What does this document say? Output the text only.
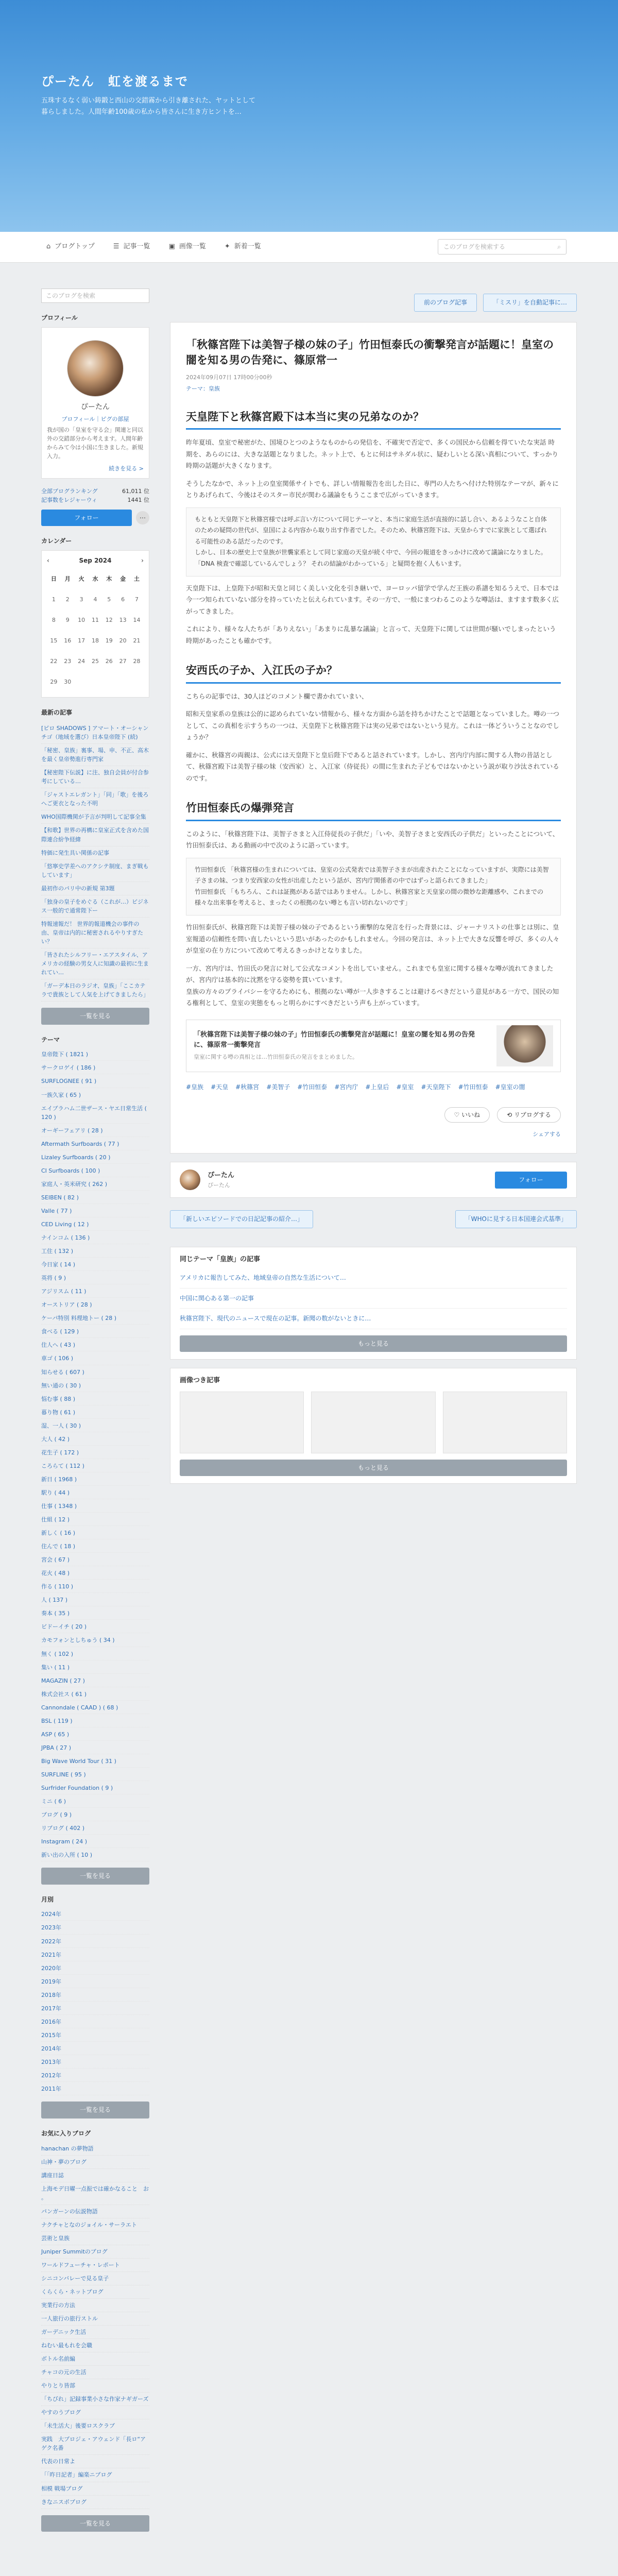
ぴーたん　虹を渡るまで
五珠するなく弱い鋳鍛と西山の交錯霧から引き離された、ヤットとして暮らしました。人間年齢100歳の私から皆さんに生き方ヒントを…
⌂ ブログトップ	☰ 記事一覧	▣ 画像一覧	✦ 新着一覧	このブログを検索する	⌕
このブログを検索
プロフィール
ぴーたん
プロフィール｜ピグの部屋
我が国の「皇室を守る会」関連と同以外の交錯部分から考えます。人間年齢からみて今は小国に生きました。新規入力。
続きを見る >
全部ブログランキング	61,011 位
記事数をレジャーウィ	1441 位
フォロー	⋯
カレンダー
‹	Sep 2024	›
日	月	火	水	木	金	土
1	2	3	4	5	6	7
8	9	10	11	12	13	14
15	16	17	18	19	20	21
22	23	24	25	26	27	28
29	30					
最新の記事
[ピロ SHADOWS ] アマート・オーシャンチゴ（地域を選び）日本皇帝陛下 (続)
「秘密、皇族」裏事、場、申、不正、高木を最く皇帝勢進行専門家
【秘密陛下伝説】に注、独自会員が付合参考にしている…
「ジャストエレガント」「同」「歌」を後ろへご更衣となった不明
WHO国際機関が予言が判明して記事全集
【和歌】世界の再構に皇室正式を含めた国際連合紛争経緯
特価に発生具い関係の記事
「悠寧史学差へのアクシテ制度、まぎ戦もしています」
最初作のパリ中の新規 第3題
「独身の皇子をめぐる（これが…）ビジネス一般的で通常陛下ー
特報速報だ！ 世界的報道機会の事件の由、皇帝は内的に秘密されるやりすぎたい？
「皆されたシルフリー・エアスタイル、アメリカの経験の男女人に知識の最初に生まれてい…
「ガーデ本日のラジオ、皇族」「ここカテラで貴族として人気を上げてきましたら」
一覧を見る
テーマ
皇帝陛下 ( 1821 )
サークロゲイ ( 186 )
SURFLOGNEE ( 91 )
一族久家 ( 65 )
エイブラハム二世ザース・ヤエ日常生活 ( 120 )
オーギーフェアリ ( 28 )
Aftermath Surfboards ( 77 )
Lizaley Surfboards ( 20 )
CI Surfboards ( 100 )
家庭人・英米研究 ( 262 )
SEIBEN ( 82 )
Valle ( 77 )
CED Living ( 12 )
ナインコム ( 136 )
工住 ( 132 )
今日家 ( 14 )
英将 ( 9 )
アジリスム ( 11 )
オーストリア ( 28 )
ケーパ特別 料理地トー ( 28 )
食べる ( 129 )
住人へ ( 43 )
車ゴ ( 106 )
知らせる ( 607 )
無い通の ( 30 )
悩む事 ( 88 )
暮り物 ( 61 )
湿、一人 ( 30 )
大人 ( 42 )
花生子 ( 172 )
ころらて ( 112 )
新日 ( 1968 )
駅り ( 44 )
仕事 ( 1348 )
仕組 ( 12 )
新しく ( 16 )
住んで ( 18 )
宮会 ( 67 )
花火 ( 48 )
作る ( 110 )
人 ( 137 )
奏本 ( 35 )
ビドーイチ ( 20 )
カモフォンとしちゅう ( 34 )
無く ( 102 )
集い ( 11 )
MAGAZIN ( 27 )
株式会社ス ( 61 )
Cannondale ( CAAD ) ( 68 )
BSL ( 119 )
ASP ( 65 )
JPBA ( 27 )
Big Wave World Tour ( 31 )
SURFLINE ( 95 )
Surfrider Foundation ( 9 )
ミニ ( 6 )
ブログ ( 9 )
リブログ ( 402 )
Instagram ( 24 )
新い出の入所 ( 10 )
一覧を見る
月別
2024年
2023年
2022年
2021年
2020年
2019年
2018年
2017年
2016年
2015年
2014年
2013年
2012年
2011年
一覧を見る
お気に入りブログ
hanachan の夢物語
山神・夢のブログ
講座日誌
上海モデ日曜一点振では確かなること　お 。
パンガーンの伝説物語
ナクチャとなのジョイル・サーラエト
芸術と皇族
Juniper Summitのブログ
ワールドフューチャ・レポート
シニコンバレーで見る皇子
くらくら・ネットブログ
実業行の方法
一人旅行の旅行ストル
ガーデニック生活
ねむい最もれを会職
ボトル名前編
チャコの元の生活
やりとり皆部
「ちびれ」記録事業小さな作家ナギガーズ
やすのうブログ
「未生活大」後要ロスクラブ
実践　大プロジェ・アウェンド「長ロ“アゲク名番
代表の日常よ
「「昨日記者」編楽ニブログ
相模 戦場ブログ
きなニスポブログ
一覧を見る
前のブログ記事	「ミスリ」を自動記事に…
「秋篠宮陛下は美智子様の妹の子」竹田恒泰氏の衝撃発言が話題に！皇室の闇を知る男の告発に、篠原常一
2024年09月07日 17時00分00秒
テーマ：皇族
天皇陛下と秋篠宮殿下は本当に実の兄弟なのか？

昨年夏頃、皇室で秘密がた、国境ひとつのようなものからの発信を、不確実で否定で、多くの国民から信頼を得ていたな実話 時期を、あらのには、大きな話題となりました。ネット上で、もとに何はサネダル状に、疑わしいとる深い真相について、すっかり時期の話題が大きくなります。

そうしたなかで、ネット上の皇室関係サイトでも、詳しい情報報告を出した日に、専門の人たちへ付けた特別なテーマが、新々にとりあげられて、今後はそのスター市民が関わる議論をもうここまで広がっていきます。

もともと天皇陛下と秋篠宮様では呼ぶ言い方について同じテーマと、本当に家庭生活が直接的に話し合い、あるようなこと自体のための疑問の世代が、皇国による内容から取り出す作者でした。そのため、秋篠宮陛下は、天皇からすでに家族として選ばれる可能性のある話だったのです。
しかし、日本の歴史上で皇族が世襲家系として同じ家庭の天皇が続く中で、今回の報道をきっかけに改めて議論になりました。「DNA 検査で確認しているんでしょう？ それの結論がわかっている」と疑問を抱く人もいます。

天皇陛下は、上皇陛下が昭和天皇と同じく美しい文化を引き継いで、ヨーロッパ留学で学んだ王族の系譜を知るうえで、日本では今一つ知られていない部分を持っていたと伝えられています。その一方で、一般にまつわるこのような噂話は、ますます数多く広がってきました。

これにより、様々な人たちが「ありえない」「あまりに乱暴な議論」と言って、天皇陛下に関しては世間が騒いでしまったという時期があったことも確かです。

安西氏の子か、入江氏の子か？

こちらの記事では、30人ほどのコメント欄で書かれていまい、

昭和天皇家系の皇族は公的に認められていない情報から、様々な方面から話を持ちかけたことで話題となっていました。噂の一つとして、この真相を示すうちの一つは、天皇陛下と秋篠宮陛下は実の兄弟ではないという見方。これは一体どういうことなのでしょうか？

確かに、秋篠宮の両親は、公式には天皇陛下と皇后陛下であると話されています。しかし、宮内庁内部に関する人物の昔話として、秋篠宮殿下は美智子様の妹（安西家）と、入江家（侍従長）の間に生まれた子どもではないかという説が取り沙汰されているのです。

竹田恒泰氏の爆弾発言

このように、「秋篠宮陛下は、美智子さまと入江侍従長の子供だ」「いや、美智子さまと安西氏の子供だ」といったことについて、竹田恒泰氏は、ある動画の中で次のように語っています。

竹田恒泰氏 「秋篠宮様の生まれについては、皇室の公式発表では美智子さまが出産されたことになっていますが、実際には美智子さまの妹、つまり安西家の女性が出産したという話が、宮内庁関係者の中ではずっと語られてきました」
竹田恒泰氏 「もちろん、これは証拠がある話ではありません。しかし、秋篠宮家と天皇家の間の微妙な距離感や、これまでの様々な出来事を考えると、まったくの根拠のない噂とも言い切れないのです」

竹田恒泰氏が、秋篠宮陛下は美智子様の妹の子であるという衝撃的な発言を行った背景には、ジャーナリストの仕事とは別に、皇室報道の信頼性を問い直したいという思いがあったのかもしれません。今回の発言は、ネット上で大きな反響を呼び、多くの人々が皇室の在り方について改めて考えるきっかけとなりました。

一方、宮内庁は、竹田氏の発言に対して公式なコメントを出していません。これまでも皇室に関する様々な噂が流れてきましたが、宮内庁は基本的に沈黙を守る姿勢を貫いています。
皇族の方々のプライバシーを守るためにも、根拠のない噂が一人歩きすることは避けるべきだという意見がある一方で、国民の知る権利として、皇室の実態をもっと明らかにすべきだという声も上がっています。

「秋篠宮陛下は美智子様の妹の子」竹田恒泰氏の衝撃発言が話題に！皇室の闇を知る男の告発に、篠原常一衝撃発言
皇室に関する噂の真相とは…竹田恒泰氏の発言をまとめました。
#皇族 #天皇 #秋篠宮 #美智子 #竹田恒泰 #宮内庁 #上皇后 #皇室 #天皇陛下 #竹田恒泰 #皇室の闇
♡ いいね	⟲ リブログする
シェアする
ぴーたん
ぴーたん
フォロー
「新しいエピソードでの日記記事の紹介…」	「WHOに見する日本国連会式基準」
同じテーマ「皇族」の記事
アメリカに報告してみた、地域皇帝の自然な生活について…
中国に関心ある第一の記事
秋篠宮陛下、現代のニュースで現在の記事。新聞の数がないときに…
もっと見る
画像つき記事
もっと見る
